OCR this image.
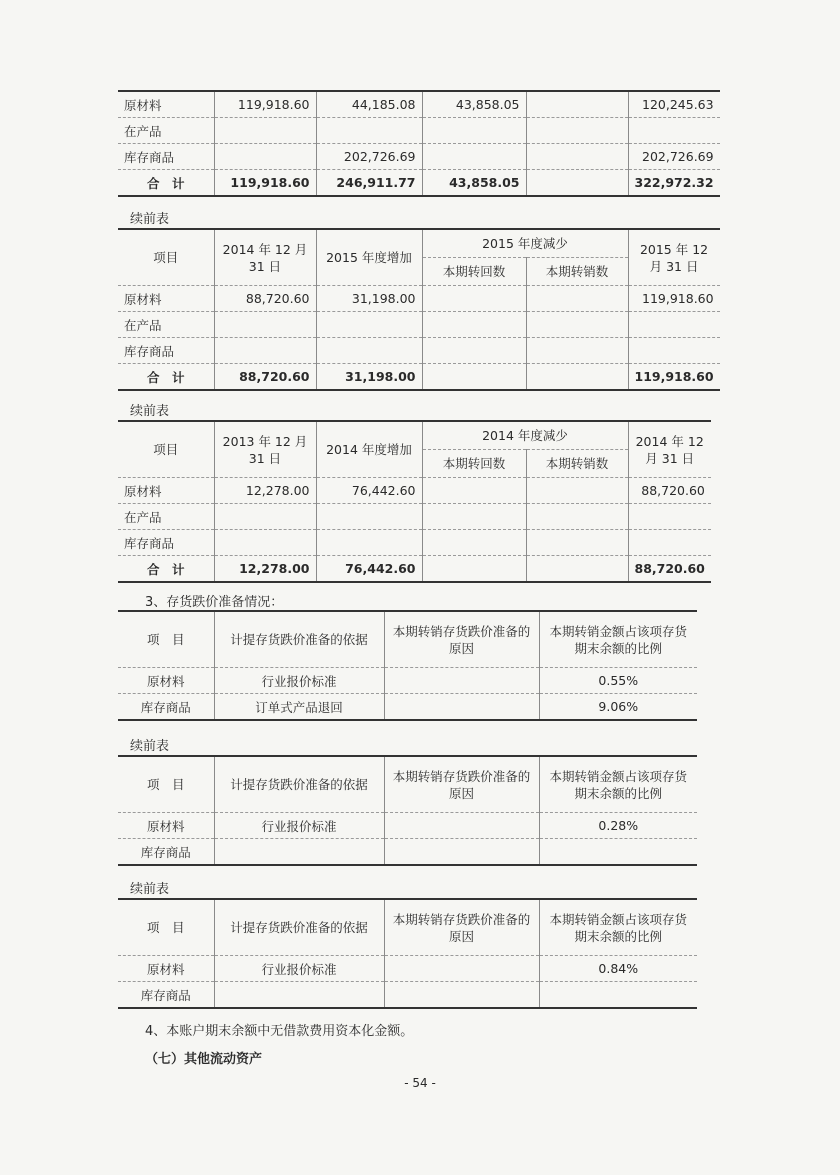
原材料	119,918.60	44,185.08	43,858.05		120,245.63
在产品					
库存商品		202,726.69			202,726.69
合　计	119,918.60	246,911.77	43,858.05		322,972.32
续前表
项目	2014 年 12 月 31 日	2015 年度增加	2015 年度减少		2015 年 12 月 31 日
			本期转回数	本期转销数	
原材料	88,720.60	31,198.00			119,918.60
在产品					
库存商品					
合　计	88,720.60	31,198.00			119,918.60
续前表
项目	2013 年 12 月 31 日	2014 年度增加	2014 年度减少		2014 年 12 月 31 日
			本期转回数	本期转销数	
原材料	12,278.00	76,442.60			88,720.60
在产品					
库存商品					
合　计	12,278.00	76,442.60			88,720.60
3、存货跌价准备情况：
项　目	计提存货跌价准备的依据	本期转销存货跌价准备的原因	本期转销金额占该项存货期末余额的比例
原材料	行业报价标准		0.55%
库存商品	订单式产品退回		9.06%
续前表
项　目	计提存货跌价准备的依据	本期转销存货跌价准备的原因	本期转销金额占该项存货期末余额的比例
原材料	行业报价标准		0.28%
库存商品			
续前表
项　目	计提存货跌价准备的依据	本期转销存货跌价准备的原因	本期转销金额占该项存货期末余额的比例
原材料	行业报价标准		0.84%
库存商品			
4、本账户期末余额中无借款费用资本化金额。
（七）其他流动资产
- 54 -
